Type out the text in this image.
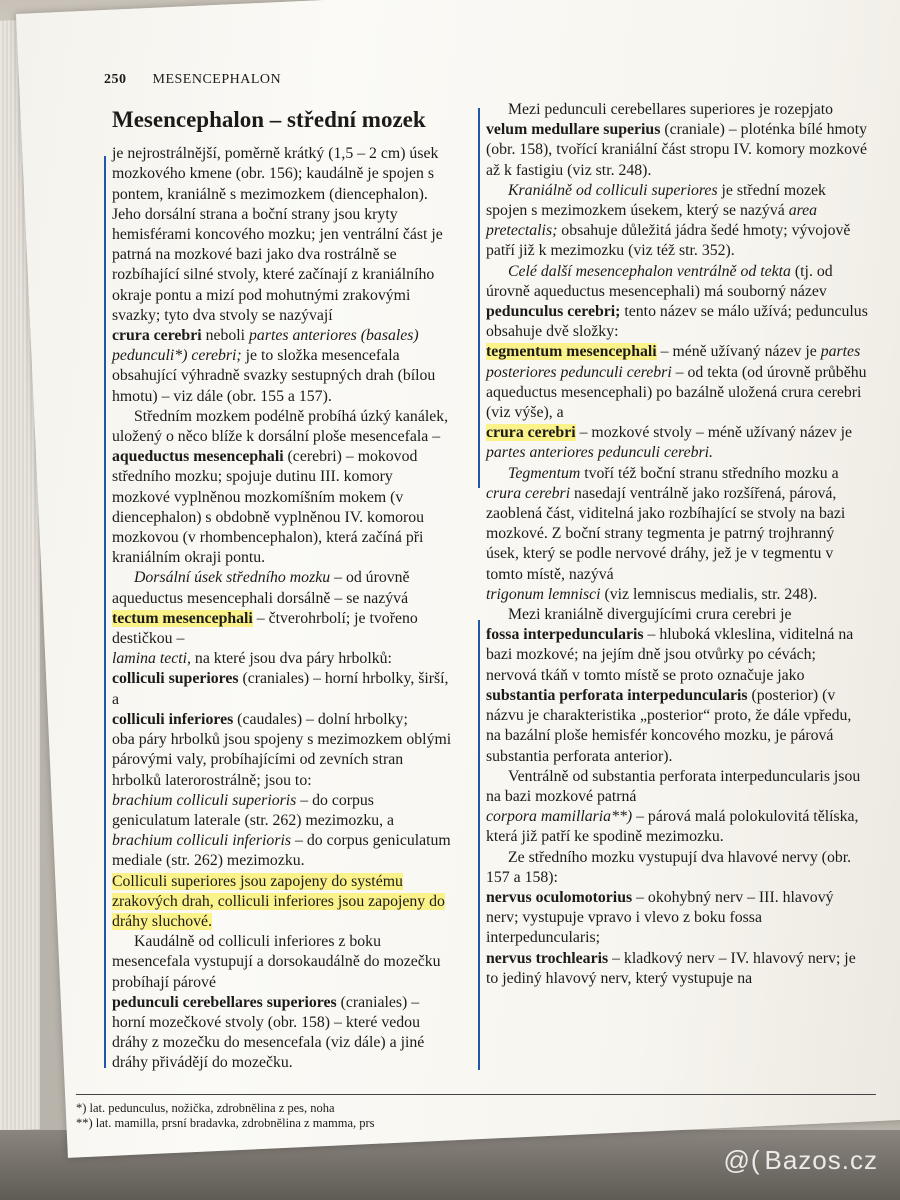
250 MESENCEPHALON
Mesencephalon – střední mozek

je nejrostrálnější, poměrně krátký (1,5 – 2 cm) úsek mozkového kmene (obr. 156); kaudálně je spojen s pontem, kraniálně s mezimozkem (diencephalon). Jeho dorsální strana a boční strany jsou kryty hemisférami koncového mozku; jen ventrální část je patrná na mozkové bazi jako dva rostrálně se rozbíhající silné stvoly, které začínají z kraniálního okraje pontu a mizí pod mohutnými zrakovými svazky; tyto dva stvoly se nazývají

crura cerebri neboli partes anteriores (basales) pedunculi*) cerebri; je to složka mesencefala obsahující výhradně svazky sestupných drah (bílou hmotu) – viz dále (obr. 155 a 157).

Středním mozkem podélně probíhá úzký kanálek, uložený o něco blíže k dorsální ploše mesencefala –

aqueductus mesencephali (cerebri) – mokovod středního mozku; spojuje dutinu III. komory mozkové vyplněnou mozkomíšním mokem (v diencephalon) s obdobně vyplněnou IV. komorou mozkovou (v rhombencephalon), která začíná při kraniálním okraji pontu.

Dorsální úsek středního mozku – od úrovně aqueductus mesencephali dorsálně – se nazývá

tectum mesencephali – čtverohrbolí; je tvořeno destičkou –

lamina tecti, na které jsou dva páry hrbolků:

colliculi superiores (craniales) – horní hrbolky, širší, a

colliculi inferiores (caudales) – dolní hrbolky;

oba páry hrbolků jsou spojeny s mezimozkem oblými párovými valy, probíhajícími od zevních stran hrbolků laterorostrálně; jsou to:

brachium colliculi superioris – do corpus geniculatum laterale (str. 262) mezimozku, a

brachium colliculi inferioris – do corpus geniculatum mediale (str. 262) mezimozku.

Colliculi superiores jsou zapojeny do systému zrakových drah, colliculi inferiores jsou zapojeny do dráhy sluchové.

Kaudálně od colliculi inferiores z boku mesencefala vystupují a dorsokaudálně do mozečku probíhají párové

pedunculi cerebellares superiores (craniales) – horní mozečkové stvoly (obr. 158) – které vedou dráhy z mozečku do mesencefala (viz dále) a jiné dráhy přivádějí do mozečku.

Mezi pedunculi cerebellares superiores je rozepjato

velum medullare superius (craniale) – ploténka bílé hmoty (obr. 158), tvořící kraniální část stropu IV. komory mozkové až k fastigiu (viz str. 248).

Kraniálně od colliculi superiores je střední mozek spojen s mezimozkem úsekem, který se nazývá area pretectalis; obsahuje důležitá jádra šedé hmoty; vývojově patří již k mezimozku (viz též str. 352).

Celé další mesencephalon ventrálně od tekta (tj. od úrovně aqueductus mesencephali) má souborný název

pedunculus cerebri; tento název se málo užívá; pedunculus obsahuje dvě složky:

tegmentum mesencephali – méně užívaný název je partes posteriores pedunculi cerebri – od tekta (od úrovně průběhu aqueductus mesencephali) po bazálně uložená crura cerebri (viz výše), a

crura cerebri – mozkové stvoly – méně užívaný název je partes anteriores pedunculi cerebri.

Tegmentum tvoří též boční stranu středního mozku a crura cerebri nasedají ventrálně jako rozšířená, párová, zaoblená část, viditelná jako rozbíhající se stvoly na bazi mozkové. Z boční strany tegmenta je patrný trojhranný úsek, který se podle nervové dráhy, jež je v tegmentu v tomto místě, nazývá

trigonum lemnisci (viz lemniscus medialis, str. 248).

Mezi kraniálně divergujícími crura cerebri je

fossa interpeduncularis – hluboká vkleslina, viditelná na bazi mozkové; na jejím dně jsou otvůrky po cévách; nervová tkáň v tomto místě se proto označuje jako

substantia perforata interpeduncularis (posterior) (v názvu je charakteristika „posterior“ proto, že dále vpředu, na bazální ploše hemisfér koncového mozku, je párová substantia perforata anterior).

Ventrálně od substantia perforata interpeduncularis jsou na bazi mozkové patrná

corpora mamillaria**) – párová malá polokulovitá tělíska, která již patří ke spodině mezimozku.

Ze středního mozku vystupují dva hlavové nervy (obr. 157 a 158):

nervus oculomotorius – okohybný nerv – III. hlavový nerv; vystupuje vpravo i vlevo z boku fossa interpeduncularis;

nervus trochlearis – kladkový nerv – IV. hlavový nerv; je to jediný hlavový nerv, který vystupuje na

*) lat. pedunculus, nožička, zdrobnělina z pes, noha

**) lat. mamilla, prsní bradavka, zdrobnělina z mamma, prs

@( Bazos.cz
